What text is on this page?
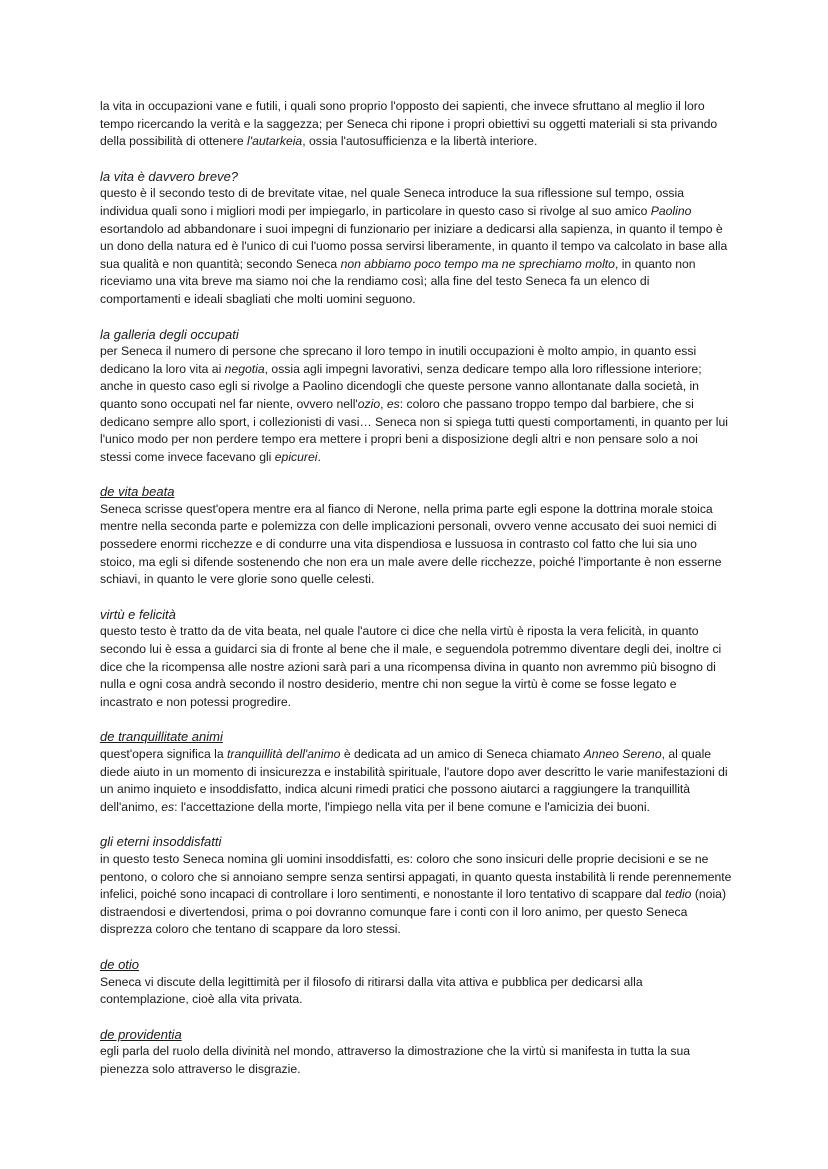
la vita in occupazioni vane e futili, i quali sono proprio l'opposto dei sapienti, che invece sfruttano al meglio il loro tempo ricercando la verità e la saggezza; per Seneca chi ripone i propri obiettivi su oggetti materiali si sta privando della possibilità di ottenere l'autarkeia, ossia l'autosufficienza e la libertà interiore.

la vita è davvero breve?

questo è il secondo testo di de brevitate vitae, nel quale Seneca introduce la sua riflessione sul tempo, ossia individua quali sono i migliori modi per impiegarlo, in particolare in questo caso si rivolge al suo amico Paolino esortandolo ad abbandonare i suoi impegni di funzionario per iniziare a dedicarsi alla sapienza, in quanto il tempo è un dono della natura ed è l'unico di cui l'uomo possa servirsi liberamente, in quanto il tempo va calcolato in base alla sua qualità e non quantità; secondo Seneca non abbiamo poco tempo ma ne sprechiamo molto, in quanto non riceviamo una vita breve ma siamo noi che la rendiamo così; alla fine del testo Seneca fa un elenco di comportamenti e ideali sbagliati che molti uomini seguono.

la galleria degli occupati

per Seneca il numero di persone che sprecano il loro tempo in inutili occupazioni è molto ampio, in quanto essi dedicano la loro vita ai negotia, ossia agli impegni lavorativi, senza dedicare tempo alla loro riflessione interiore; anche in questo caso egli si rivolge a Paolino dicendogli che queste persone vanno allontanate dalla società, in quanto sono occupati nel far niente, ovvero nell'ozio, es: coloro che passano troppo tempo dal barbiere, che si dedicano sempre allo sport, i collezionisti di vasi… Seneca non si spiega tutti questi comportamenti, in quanto per lui l'unico modo per non perdere tempo era mettere i propri beni a disposizione degli altri e non pensare solo a noi stessi come invece facevano gli epicurei.

de vita beata

Seneca scrisse quest'opera mentre era al fianco di Nerone, nella prima parte egli espone la dottrina morale stoica mentre nella seconda parte e polemizza con delle implicazioni personali, ovvero venne accusato dei suoi nemici di possedere enormi ricchezze e di condurre una vita dispendiosa e lussuosa in contrasto col fatto che lui sia uno stoico, ma egli si difende sostenendo che non era un male avere delle ricchezze, poiché l'importante è non esserne schiavi, in quanto le vere glorie sono quelle celesti.

virtù e felicità

questo testo è tratto da de vita beata, nel quale l'autore ci dice che nella virtù è riposta la vera felicità, in quanto secondo lui è essa a guidarci sia di fronte al bene che il male, e seguendola potremmo diventare degli dei, inoltre ci dice che la ricompensa alle nostre azioni sarà pari a una ricompensa divina in quanto non avremmo più bisogno di nulla e ogni cosa andrà secondo il nostro desiderio, mentre chi non segue la virtù è come se fosse legato e incastrato e non potessi progredire.

de tranquillitate animi

quest'opera significa la tranquillità dell'animo è dedicata ad un amico di Seneca chiamato Anneo Sereno, al quale diede aiuto in un momento di insicurezza e instabilità spirituale, l'autore dopo aver descritto le varie manifestazioni di un animo inquieto e insoddisfatto, indica alcuni rimedi pratici che possono aiutarci a raggiungere la tranquillità dell'animo, es: l'accettazione della morte, l'impiego nella vita per il bene comune e l'amicizia dei buoni.

gli eterni insoddisfatti

in questo testo Seneca nomina gli uomini insoddisfatti, es: coloro che sono insicuri delle proprie decisioni e se ne pentono, o coloro che si annoiano sempre senza sentirsi appagati, in quanto questa instabilità li rende perennemente infelici, poiché sono incapaci di controllare i loro sentimenti, e nonostante il loro tentativo di scappare dal tedio (noia) distraendosi e divertendosi, prima o poi dovranno comunque fare i conti con il loro animo, per questo Seneca disprezza coloro che tentano di scappare da loro stessi.

de otio

Seneca vi discute della legittimità per il filosofo di ritirarsi dalla vita attiva e pubblica per dedicarsi alla contemplazione, cioè alla vita privata.

de providentia

egli parla del ruolo della divinità nel mondo, attraverso la dimostrazione che la virtù si manifesta in tutta la sua pienezza solo attraverso le disgrazie.
